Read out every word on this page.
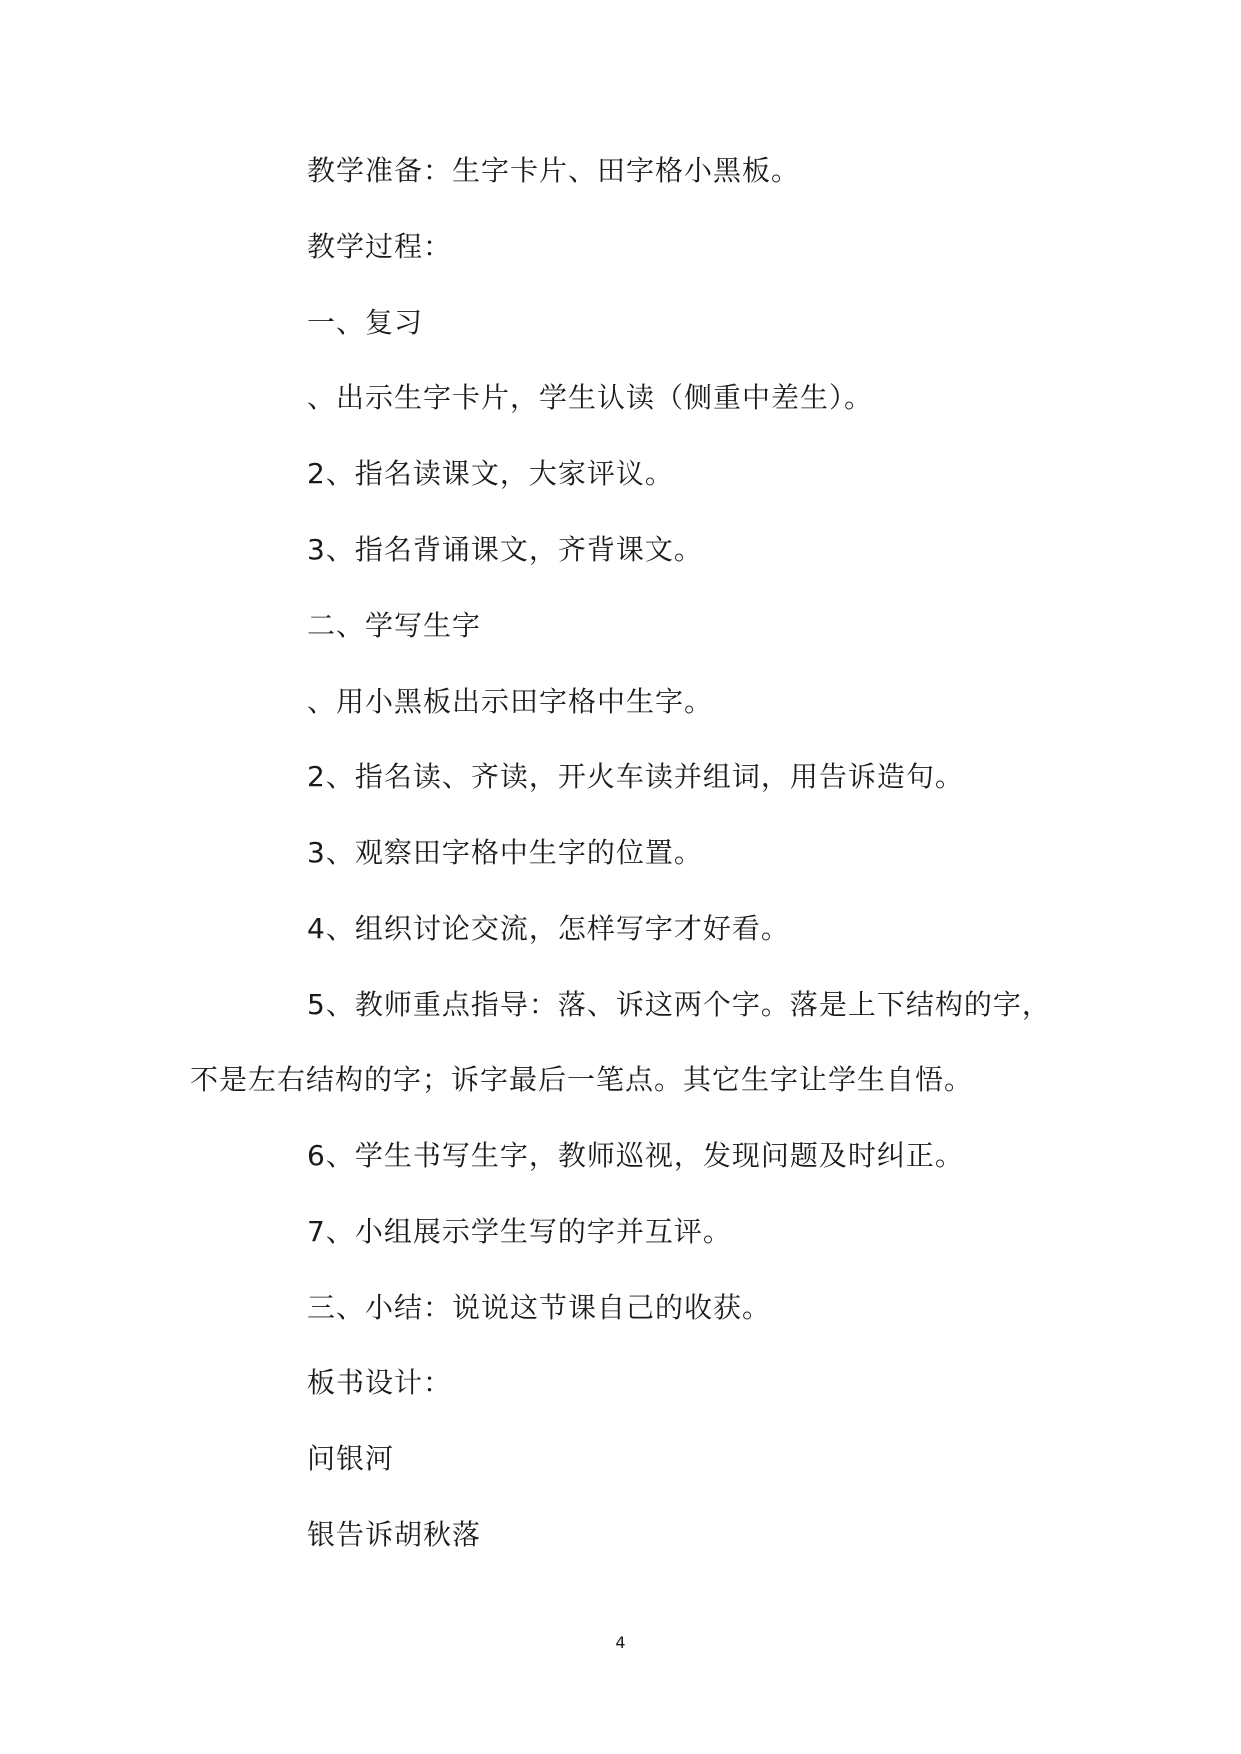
教学准备：生字卡片、田字格小黑板。
教学过程：
一、复习
、出示生字卡片，学生认读（侧重中差生）。
2、指名读课文，大家评议。
3、指名背诵课文，齐背课文。
二、学写生字
、用小黑板出示田字格中生字。
2、指名读、齐读，开火车读并组词，用告诉造句。
3、观察田字格中生字的位置。
4、组织讨论交流，怎样写字才好看。
5、教师重点指导：落、诉这两个字。落是上下结构的字，
不是左右结构的字；诉字最后一笔点。其它生字让学生自悟。
6、学生书写生字，教师巡视，发现问题及时纠正。
7、小组展示学生写的字并互评。
三、小结：说说这节课自己的收获。
板书设计：
问银河
银告诉胡秋落
4
